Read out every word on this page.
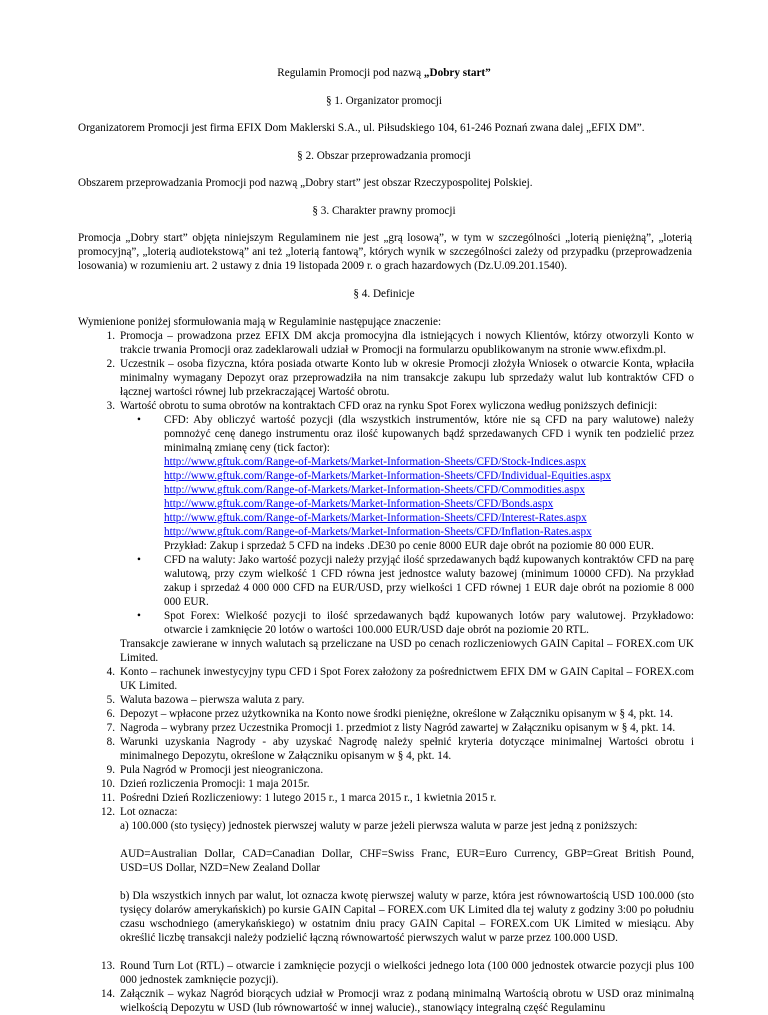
Regulamin Promocji pod nazwą „Dobry start”
§ 1. Organizator promocji
Organizatorem Promocji jest firma EFIX Dom Maklerski S.A., ul. Piłsudskiego 104, 61-246 Poznań zwana dalej „EFIX DM”.
§ 2. Obszar przeprowadzania promocji
Obszarem przeprowadzania Promocji pod nazwą „Dobry start” jest obszar Rzeczypospolitej Polskiej.
§ 3. Charakter prawny promocji
Promocja „Dobry start” objęta niniejszym Regulaminem nie jest „grą losową”, w tym w szczególności „loterią pieniężną”, „loterią promocyjną”, „loterią audiotekstową” ani też „loterią fantową”, których wynik w szczególności zależy od przypadku (przeprowadzenia losowania) w rozumieniu art. 2 ustawy z dnia 19 listopada 2009 r. o grach hazardowych (Dz.U.09.201.1540).
§ 4. Definicje
Wymienione poniżej sformułowania mają w Regulaminie następujące znaczenie:
1. Promocja – prowadzona przez EFIX DM akcja promocyjna dla istniejących i nowych Klientów, którzy otworzyli Konto w trakcie trwania Promocji oraz zadeklarowali udział w Promocji na formularzu opublikowanym na stronie www.efixdm.pl.
2. Uczestnik – osoba fizyczna, która posiada otwarte Konto lub w okresie Promocji złożyła Wniosek o otwarcie Konta, wpłaciła minimalny wymagany Depozyt oraz przeprowadziła na nim transakcje zakupu lub sprzedaży walut lub kontraktów CFD o łącznej wartości równej lub przekraczającej Wartość obrotu.
3. Wartość obrotu to suma obrotów na kontraktach CFD oraz na rynku Spot Forex wyliczona według poniższych definicji:
• CFD: Aby obliczyć wartość pozycji (dla wszystkich instrumentów, które nie są CFD na pary walutowe) należy pomnożyć cenę danego instrumentu oraz ilość kupowanych bądź sprzedawanych CFD i wynik ten podzielić przez minimalną zmianę ceny (tick factor):
http://www.gftuk.com/Range-of-Markets/Market-Information-Sheets/CFD/Stock-Indices.aspx
http://www.gftuk.com/Range-of-Markets/Market-Information-Sheets/CFD/Individual-Equities.aspx
http://www.gftuk.com/Range-of-Markets/Market-Information-Sheets/CFD/Commodities.aspx
http://www.gftuk.com/Range-of-Markets/Market-Information-Sheets/CFD/Bonds.aspx
http://www.gftuk.com/Range-of-Markets/Market-Information-Sheets/CFD/Interest-Rates.aspx
http://www.gftuk.com/Range-of-Markets/Market-Information-Sheets/CFD/Inflation-Rates.aspx
Przykład: Zakup i sprzedaż 5 CFD na indeks .DE30 po cenie 8000 EUR daje obrót na poziomie 80 000 EUR.
• CFD na waluty: Jako wartość pozycji należy przyjąć ilość sprzedawanych bądź kupowanych kontraktów CFD na parę walutową, przy czym wielkość 1 CFD równa jest jednostce waluty bazowej (minimum 10000 CFD). Na przykład zakup i sprzedaż 4 000 000 CFD na EUR/USD, przy wielkości 1 CFD równej 1 EUR daje obrót na poziomie 8 000 000 EUR.
• Spot Forex: Wielkość pozycji to ilość sprzedawanych bądź kupowanych lotów pary walutowej. Przykładowo: otwarcie i zamknięcie 20 lotów o wartości 100.000 EUR/USD daje obrót na poziomie 20 RTL.
Transakcje zawierane w innych walutach są przeliczane na USD po cenach rozliczeniowych GAIN Capital – FOREX.com UK Limited.
4. Konto – rachunek inwestycyjny typu CFD i Spot Forex założony za pośrednictwem EFIX DM w GAIN Capital – FOREX.com UK Limited.
5. Waluta bazowa – pierwsza waluta z pary.
6. Depozyt – wpłacone przez użytkownika na Konto nowe środki pieniężne, określone w Załączniku opisanym w § 4, pkt. 14.
7. Nagroda – wybrany przez Uczestnika Promocji 1. przedmiot z listy Nagród zawartej w Załączniku opisanym w § 4, pkt. 14.
8. Warunki uzyskania Nagrody - aby uzyskać Nagrodę należy spełnić kryteria dotyczące minimalnej Wartości obrotu i minimalnego Depozytu, określone w Załączniku opisanym w § 4, pkt. 14.
9. Pula Nagród w Promocji jest nieograniczona.
10. Dzień rozliczenia Promocji: 1 maja 2015r.
11. Pośredni Dzień Rozliczeniowy: 1 lutego 2015 r., 1 marca 2015 r., 1 kwietnia 2015 r.
12. Lot oznacza:
a) 100.000 (sto tysięcy) jednostek pierwszej waluty w parze jeżeli pierwsza waluta w parze jest jedną z poniższych:
AUD=Australian Dollar, CAD=Canadian Dollar, CHF=Swiss Franc, EUR=Euro Currency, GBP=Great British Pound, USD=US Dollar, NZD=New Zealand Dollar
b) Dla wszystkich innych par walut, lot oznacza kwotę pierwszej waluty w parze, która jest równowartością USD 100.000 (sto tysięcy dolarów amerykańskich) po kursie GAIN Capital – FOREX.com UK Limited dla tej waluty z godziny 3:00 po południu czasu wschodniego (amerykańskiego) w ostatnim dniu pracy GAIN Capital – FOREX.com UK Limited w miesiącu. Aby określić liczbę transakcji należy podzielić łączną równowartość pierwszych walut w parze przez 100.000 USD.
13. Round Turn Lot (RTL) – otwarcie i zamknięcie pozycji o wielkości jednego lota (100 000 jednostek otwarcie pozycji plus 100 000 jednostek zamknięcie pozycji).
14. Załącznik – wykaz Nagród biorących udział w Promocji wraz z podaną minimalną Wartością obrotu w USD oraz minimalną wielkością Depozytu w USD (lub równowartość w innej walucie)., stanowiący integralną część Regulaminu
